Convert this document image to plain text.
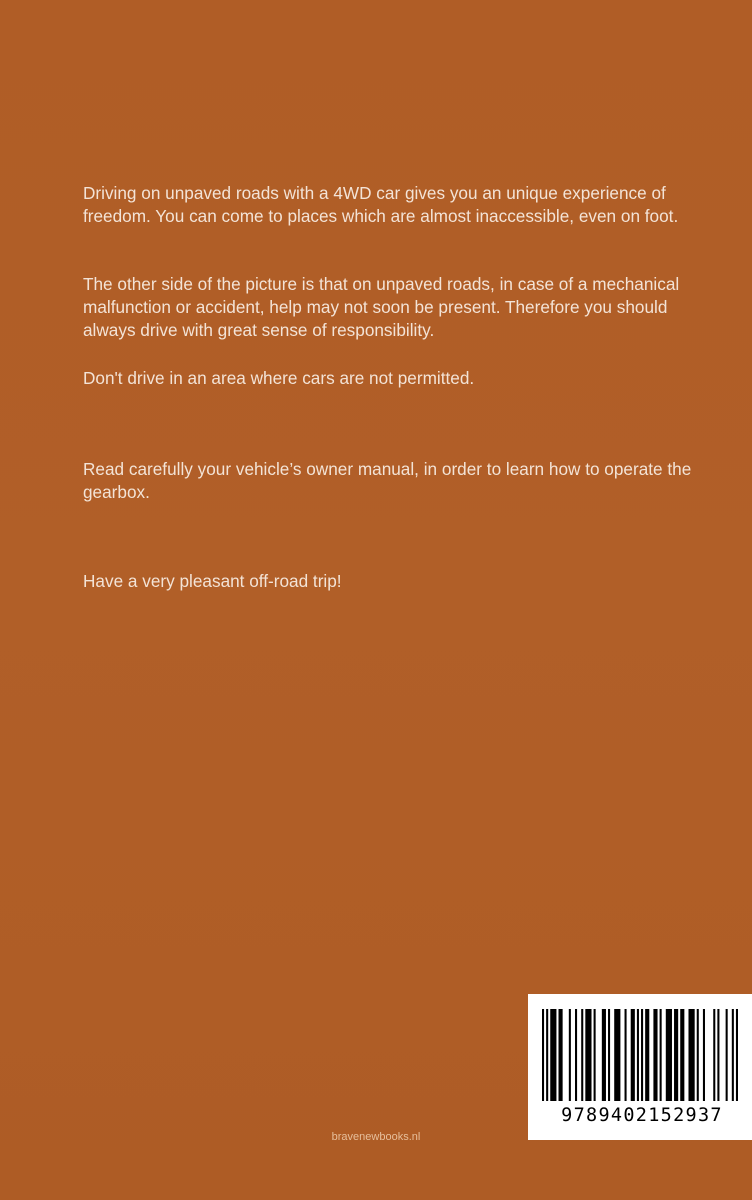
Driving on unpaved roads with a 4WD car gives you an unique experience of freedom. You can come to places which are almost inaccessible, even on foot.

The other side of the picture is that on unpaved roads, in case of a mechanical malfunction or accident, help may not soon be present. Therefore you should always drive with great sense of responsibility.

Don't drive in an area where cars are not permitted.

Read carefully your vehicle’s owner manual, in order to learn how to operate the gearbox.

Have a very pleasant off-road trip!

9789402152937
bravenewbooks.nl
